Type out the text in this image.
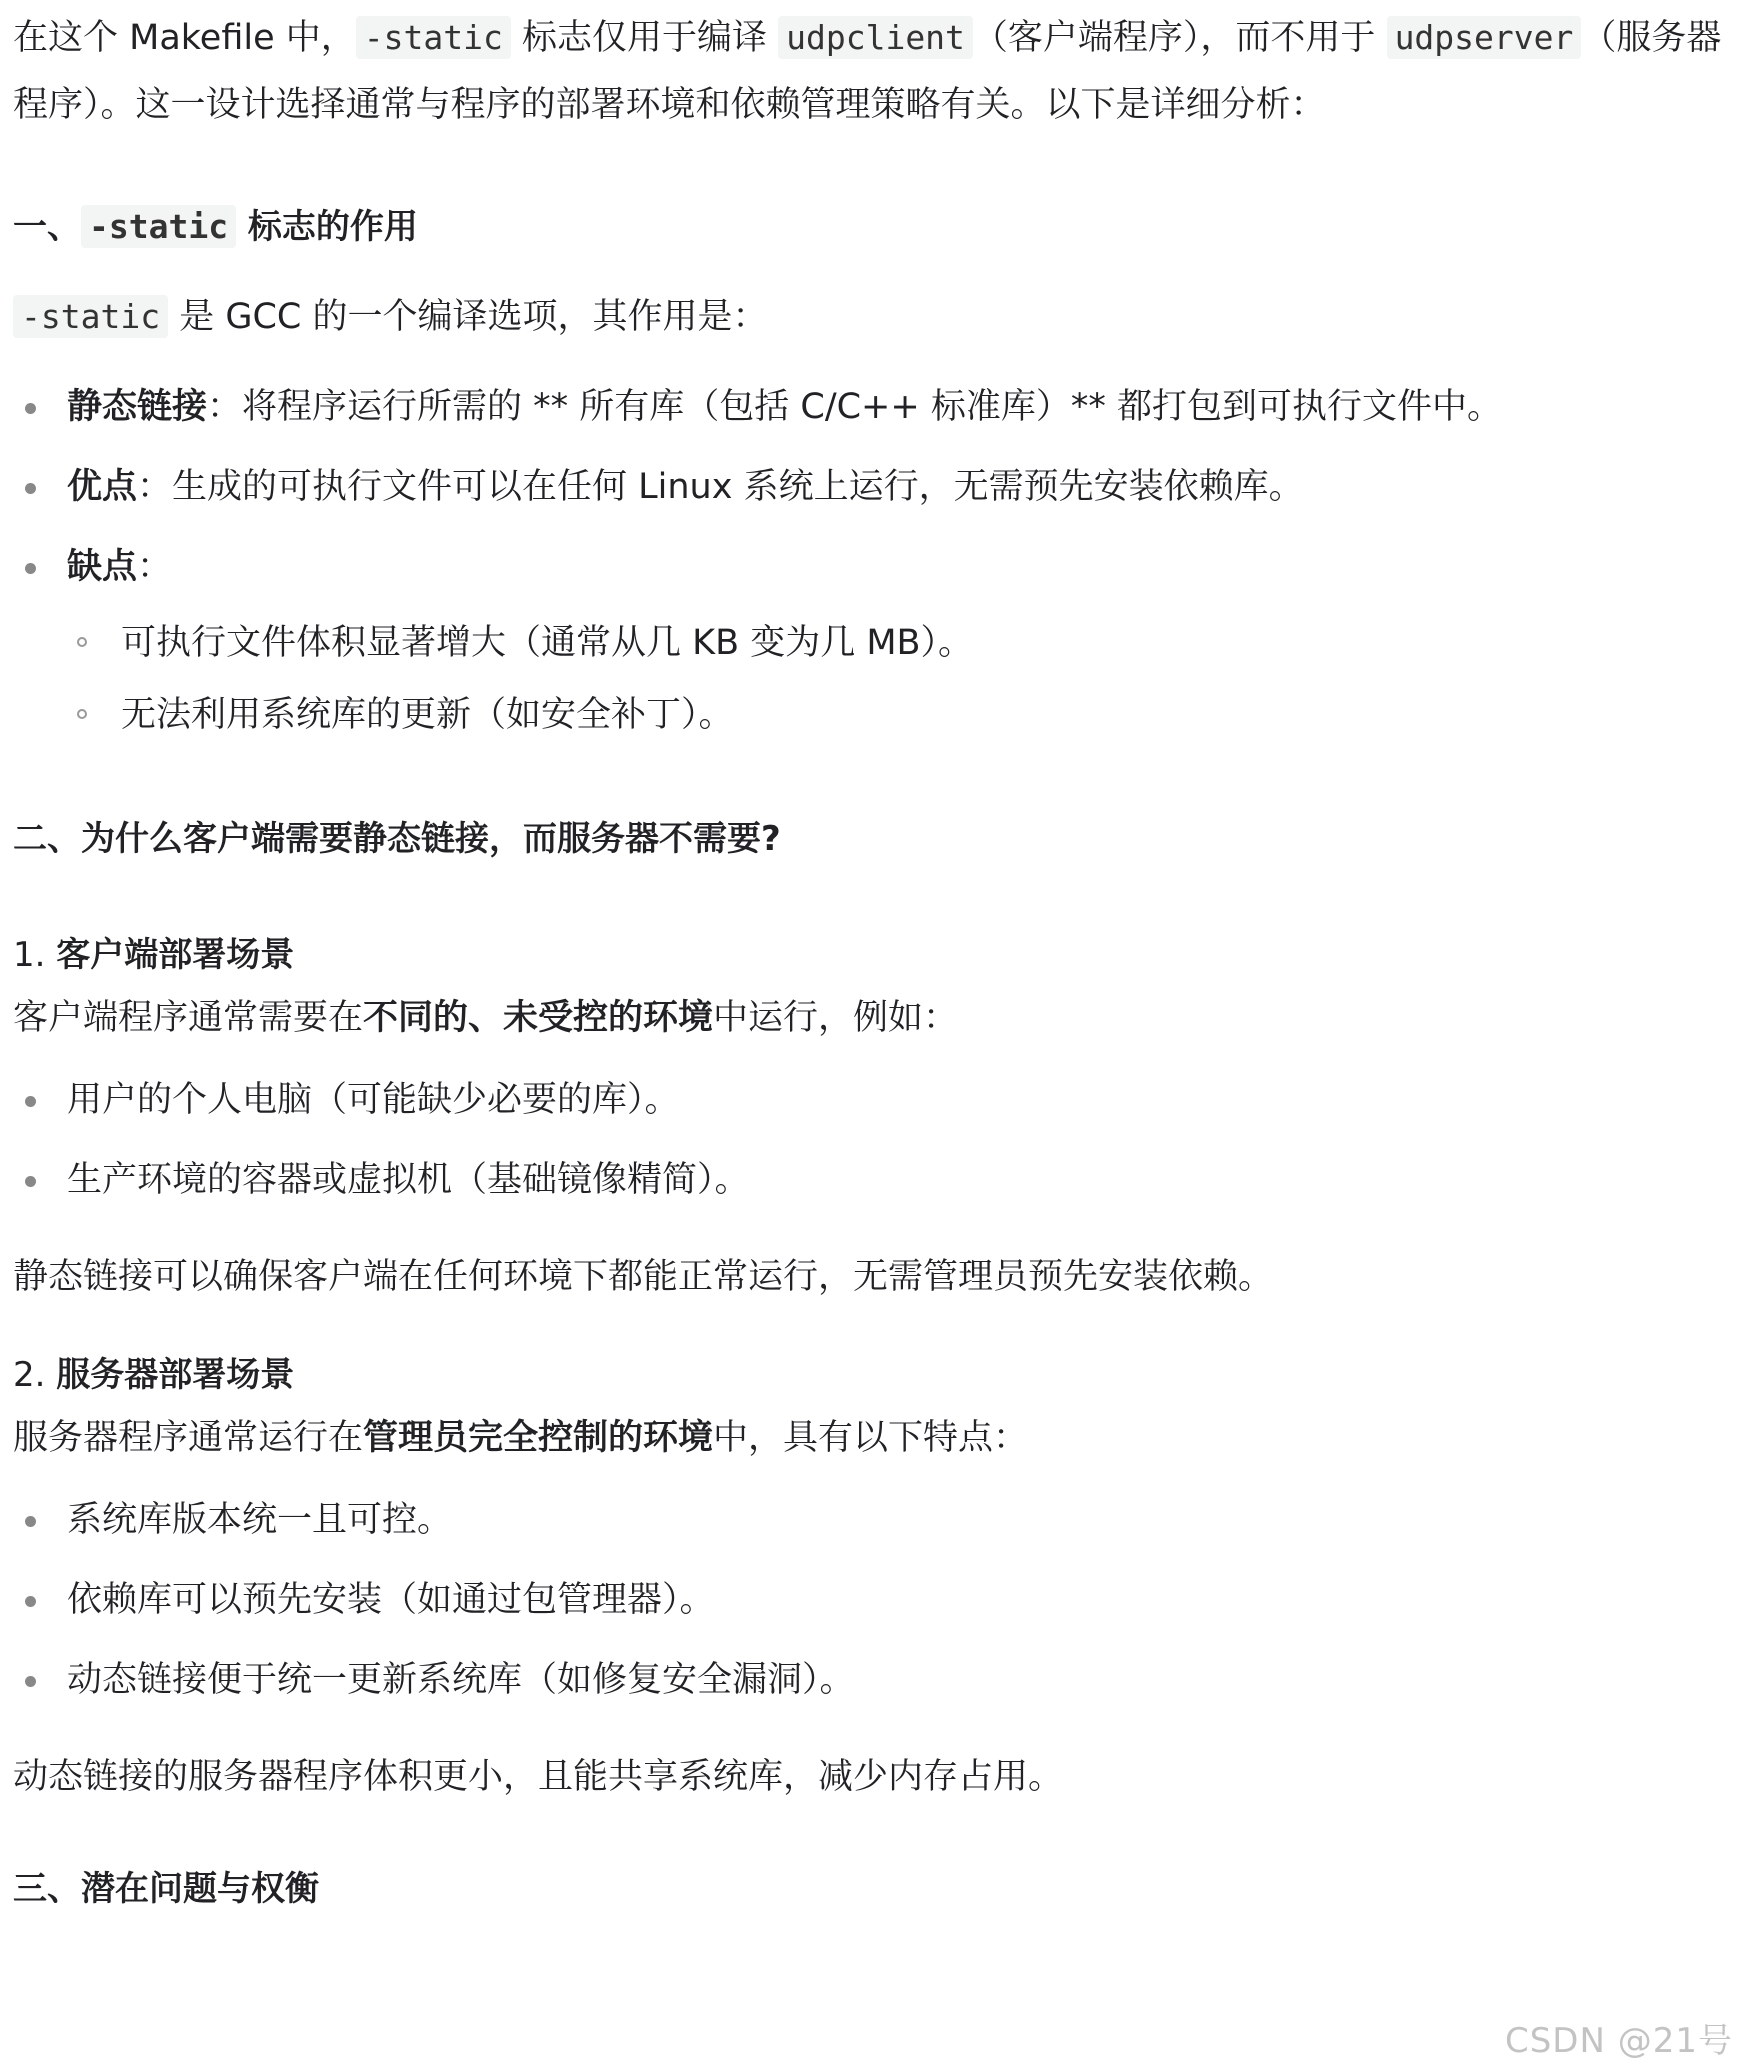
在这个 Makefile 中， -static 标志仅用于编译 udpclient （客户端程序），而不用于 udpserver （服务器程序）。这一设计选择通常与程序的部署环境和依赖管理策略有关。以下是详细分析：

一、 -static 标志的作用

-static 是 GCC 的一个编译选项，其作用是：

静态链接：将程序运行所需的 ** 所有库（包括 C/C++ 标准库）** 都打包到可执行文件中。
优点：生成的可执行文件可以在任何 Linux 系统上运行，无需预先安装依赖库。
缺点：
可执行文件体积显著增大（通常从几 KB 变为几 MB）。
无法利用系统库的更新（如安全补丁）。
二、为什么客户端需要静态链接，而服务器不需要?
1. 客户端部署场景

客户端程序通常需要在不同的、未受控的环境中运行，例如：

用户的个人电脑（可能缺少必要的库）。
生产环境的容器或虚拟机（基础镜像精简）。

静态链接可以确保客户端在任何环境下都能正常运行，无需管理员预先安装依赖。

2. 服务器部署场景

服务器程序通常运行在管理员完全控制的环境中，具有以下特点：

系统库版本统一且可控。
依赖库可以预先安装（如通过包管理器）。
动态链接便于统一更新系统库（如修复安全漏洞）。

动态链接的服务器程序体积更小，且能共享系统库，减少内存占用。

三、潜在问题与权衡
CSDN @21号
